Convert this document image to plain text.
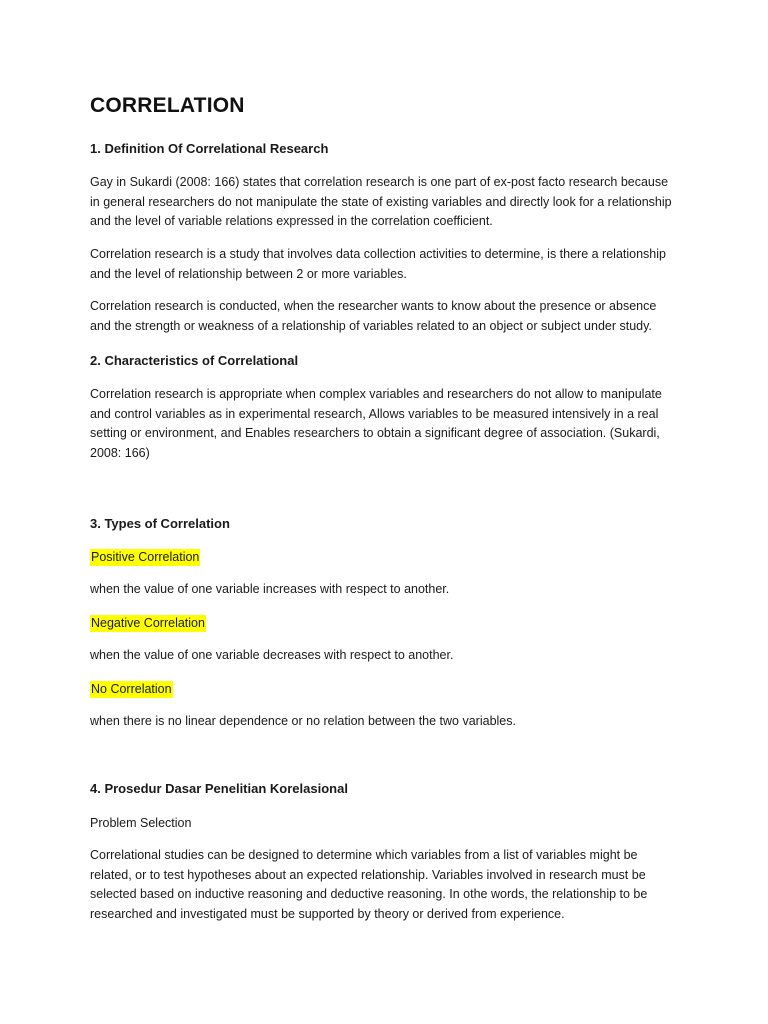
CORRELATION
1. Definition Of Correlational Research

Gay in Sukardi (2008: 166) states that correlation research is one part of ex-post facto research because in general researchers do not manipulate the state of existing variables and directly look for a relationship and the level of variable relations expressed in the correlation coefficient.

Correlation research is a study that involves data collection activities to determine, is there a relationship and the level of relationship between 2 or more variables.

Correlation research is conducted, when the researcher wants to know about the presence or absence and the strength or weakness of a relationship of variables related to an object or subject under study.

2. Characteristics of Correlational

Correlation research is appropriate when complex variables and researchers do not allow to manipulate and control variables as in experimental research, Allows variables to be measured intensively in a real setting or environment, and Enables researchers to obtain a significant degree of association. (Sukardi, 2008: 166)

3. Types of Correlation
Positive Correlation

when the value of one variable increases with respect to another.

Negative Correlation

when the value of one variable decreases with respect to another.

No Correlation

when there is no linear dependence or no relation between the two variables.

4. Prosedur Dasar Penelitian Korelasional
Problem Selection

Correlational studies can be designed to determine which variables from a list of variables might be related, or to test hypotheses about an expected relationship. Variables involved in research must be selected based on inductive reasoning and deductive reasoning. In othe words, the relationship to be researched and investigated must be supported by theory or derived from experience.
